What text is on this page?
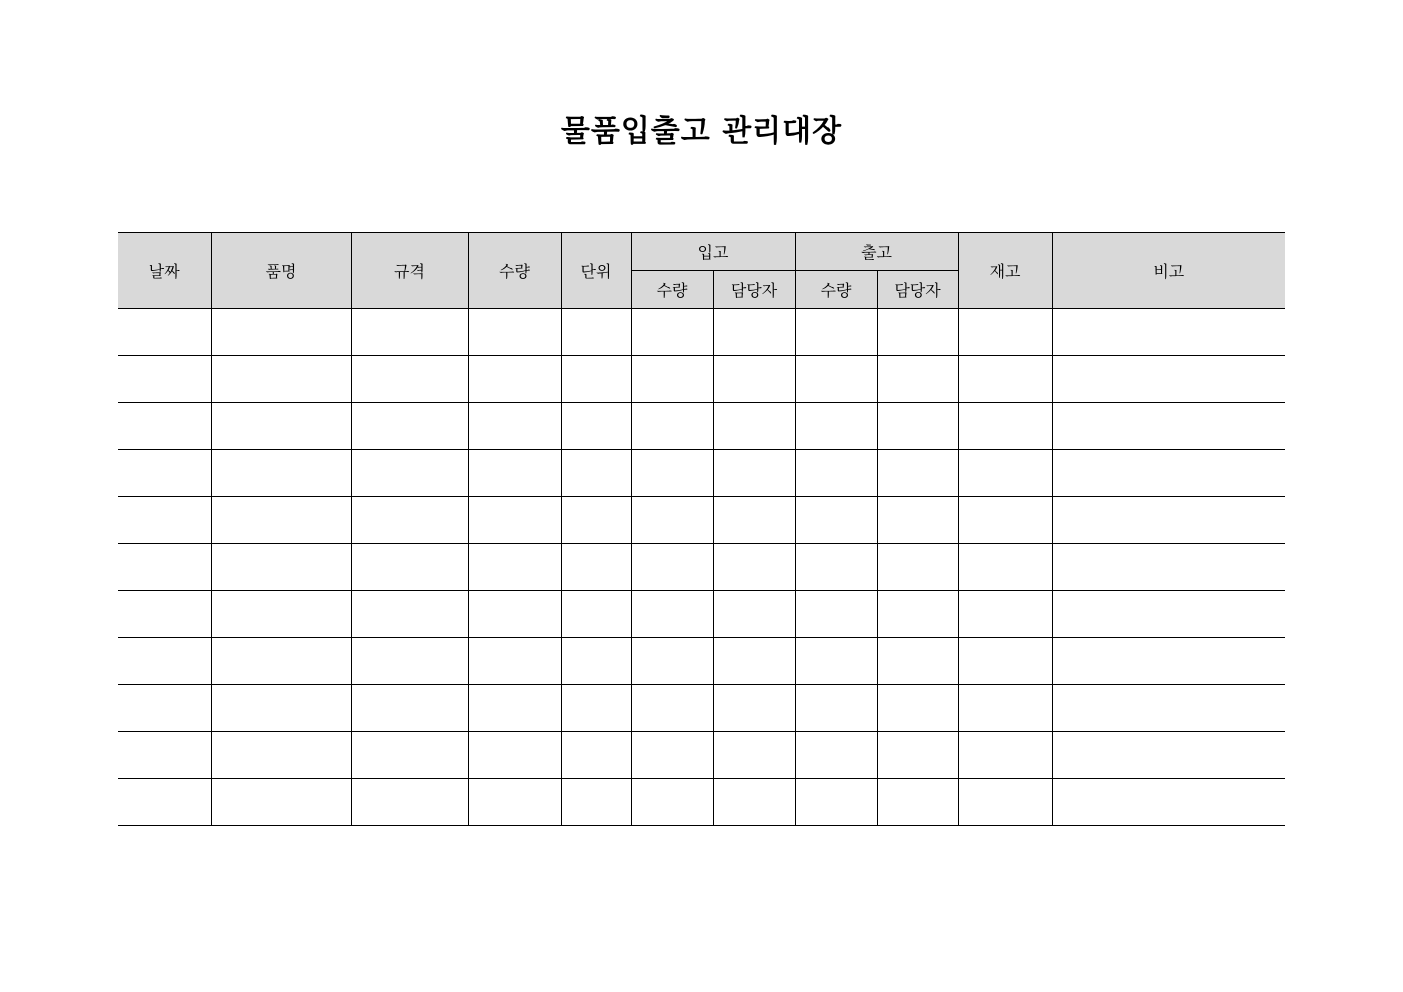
물품입출고 관리대장
날짜	품명	규격	수량	단위	입고		출고		재고	비고
					수량	담당자	수량	담당자		
